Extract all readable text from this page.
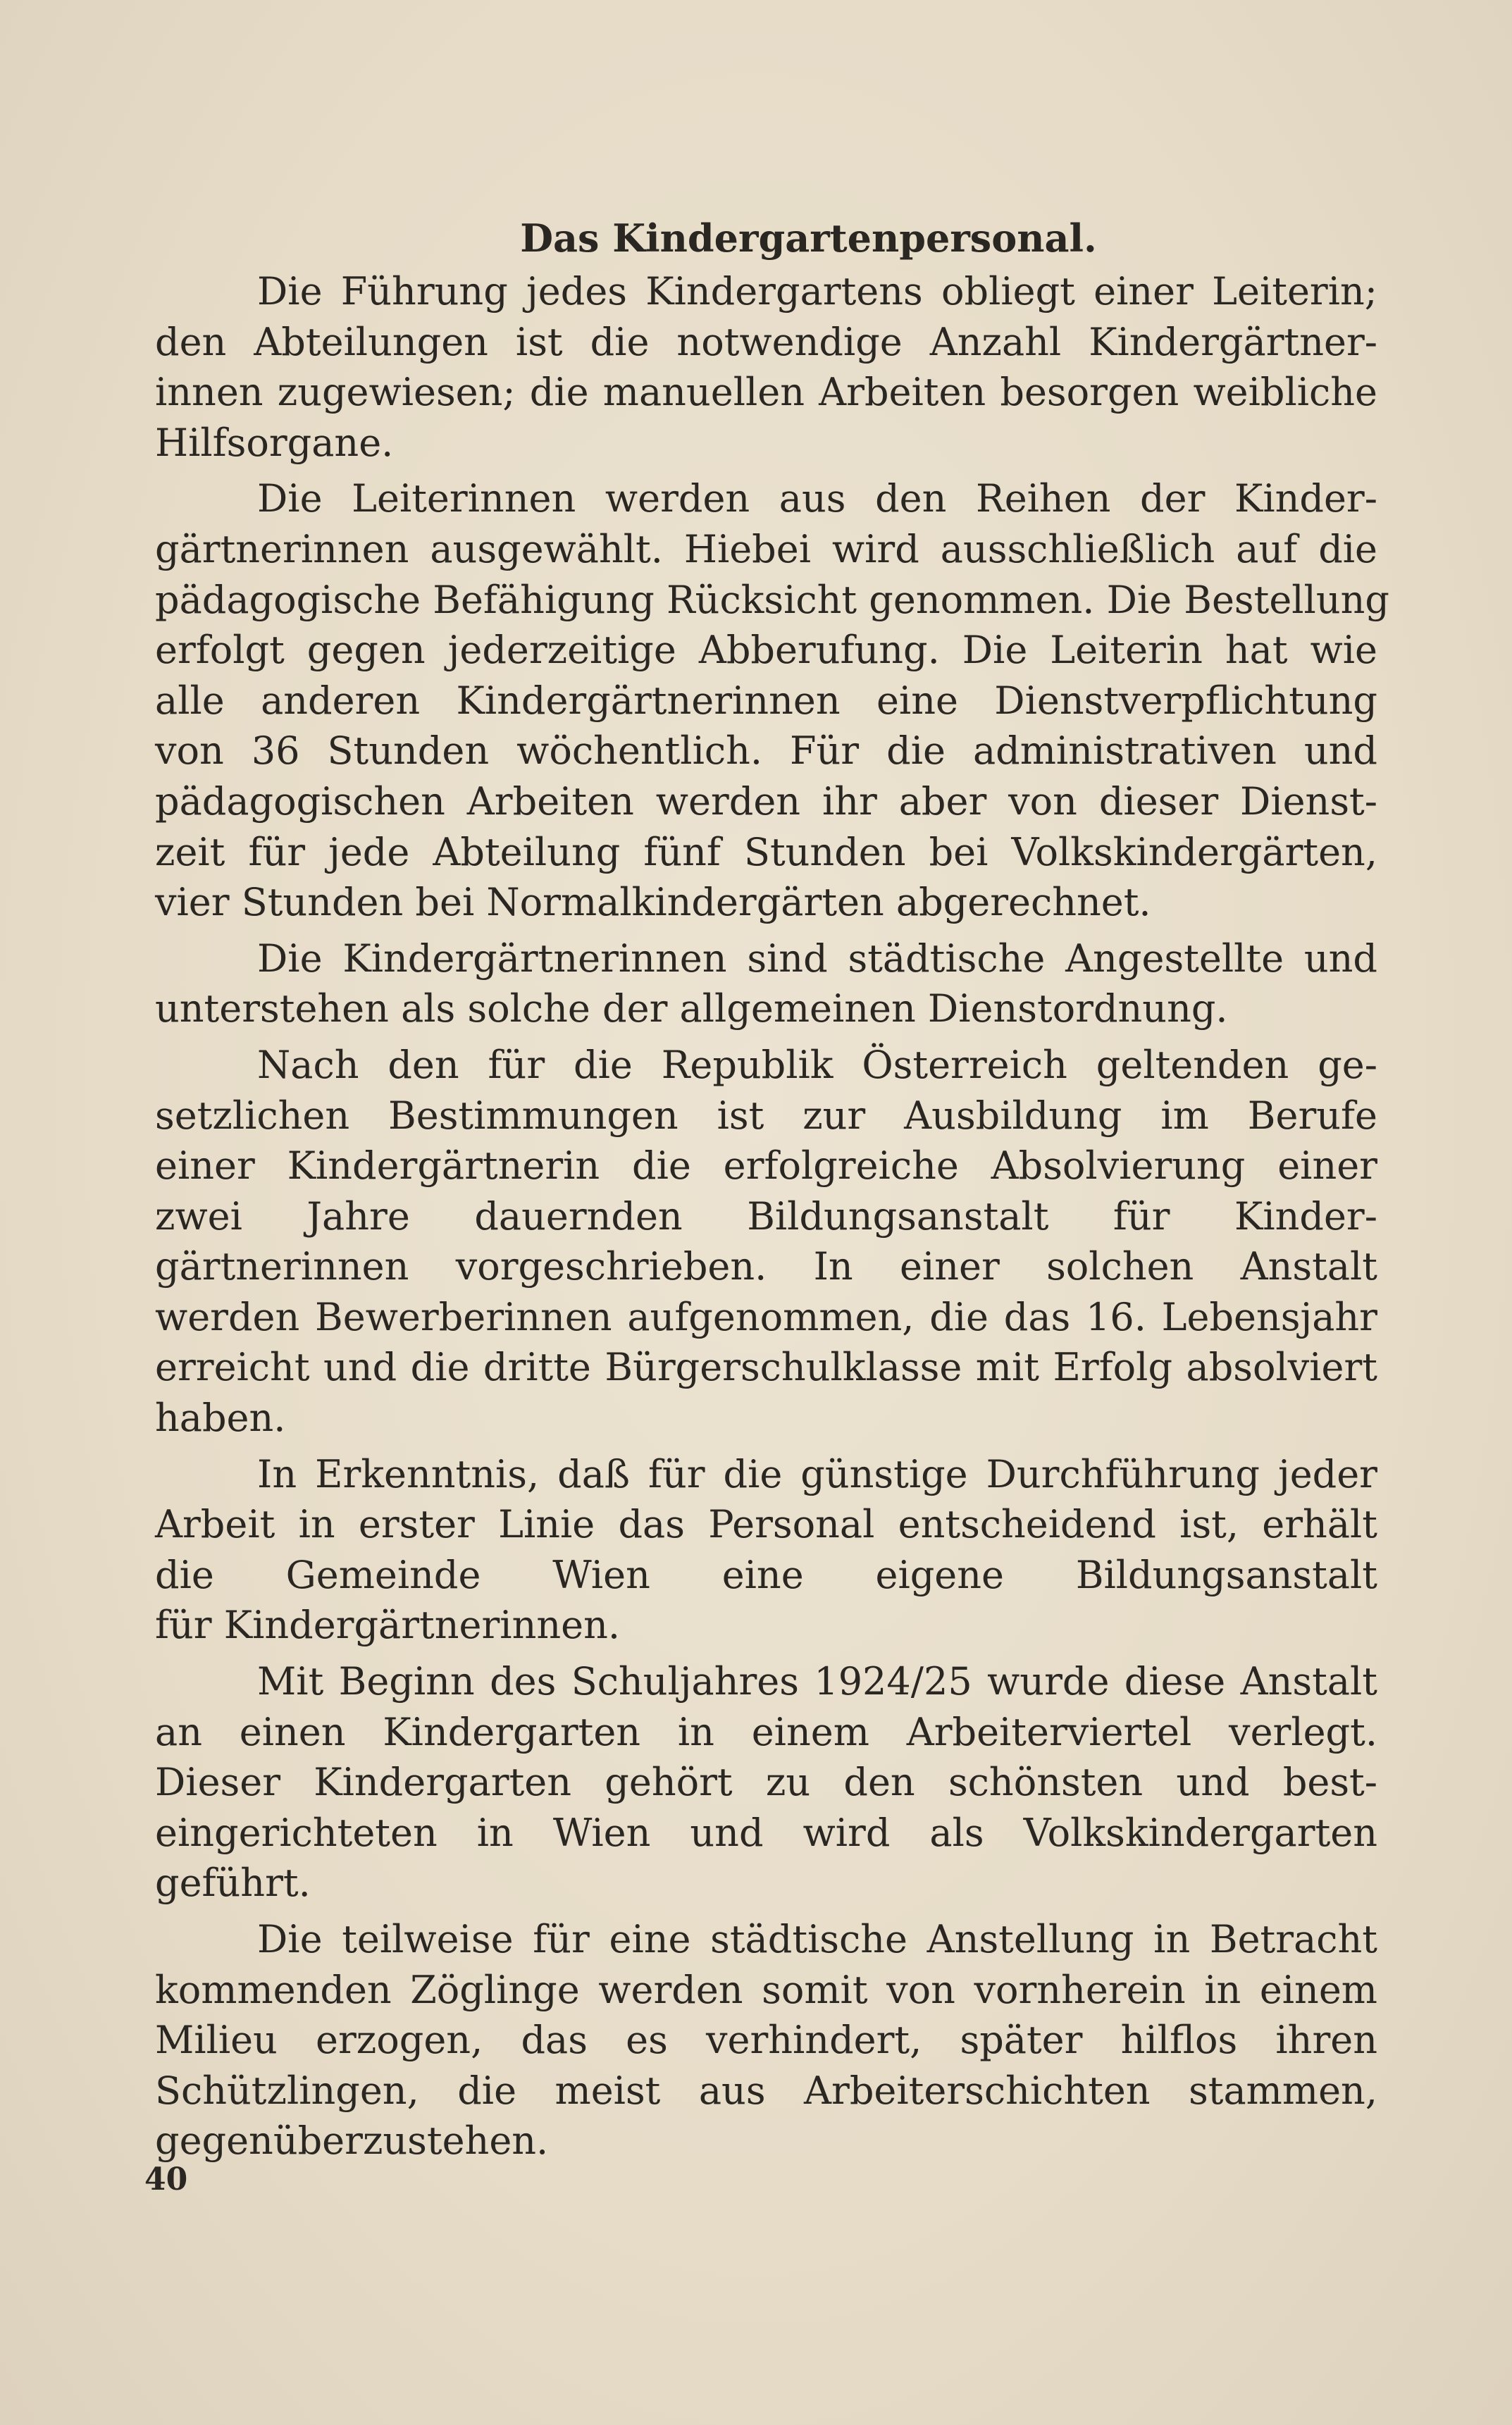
Das Kindergartenpersonal.
Die Führung jedes Kindergartens obliegt einer Leiterin;
den Abteilungen ist die notwendige Anzahl Kindergärtner-
innen zugewiesen; die manuellen Arbeiten besorgen weibliche
Hilfsorgane.
Die Leiterinnen werden aus den Reihen der Kinder-
gärtnerinnen ausgewählt. Hiebei wird ausschließlich auf die
pädagogische Befähigung Rücksicht genommen. Die Bestellung
erfolgt gegen jederzeitige Abberufung. Die Leiterin hat wie
alle anderen Kindergärtnerinnen eine Dienstverpflichtung
von 36 Stunden wöchentlich. Für die administrativen und
pädagogischen Arbeiten werden ihr aber von dieser Dienst-
zeit für jede Abteilung fünf Stunden bei Volkskindergärten,
vier Stunden bei Normalkindergärten abgerechnet.
Die Kindergärtnerinnen sind städtische Angestellte und
unterstehen als solche der allgemeinen Dienstordnung.
Nach den für die Republik Österreich geltenden ge-
setzlichen Bestimmungen ist zur Ausbildung im Berufe
einer Kindergärtnerin die erfolgreiche Absolvierung einer
zwei Jahre dauernden Bildungsanstalt für Kinder-
gärtnerinnen vorgeschrieben. In einer solchen Anstalt
werden Bewerberinnen aufgenommen, die das 16. Lebensjahr
erreicht und die dritte Bürgerschulklasse mit Erfolg absolviert
haben.
In Erkenntnis, daß für die günstige Durchführung jeder
Arbeit in erster Linie das Personal entscheidend ist, erhält
die Gemeinde Wien eine eigene Bildungsanstalt
für Kindergärtnerinnen.
Mit Beginn des Schuljahres 1924/25 wurde diese Anstalt
an einen Kindergarten in einem Arbeiterviertel verlegt.
Dieser Kindergarten gehört zu den schönsten und best-
eingerichteten in Wien und wird als Volkskindergarten
geführt.
Die teilweise für eine städtische Anstellung in Betracht
kommenden Zöglinge werden somit von vornherein in einem
Milieu erzogen, das es verhindert, später hilflos ihren
Schützlingen, die meist aus Arbeiterschichten stammen,
gegenüberzustehen.
40
